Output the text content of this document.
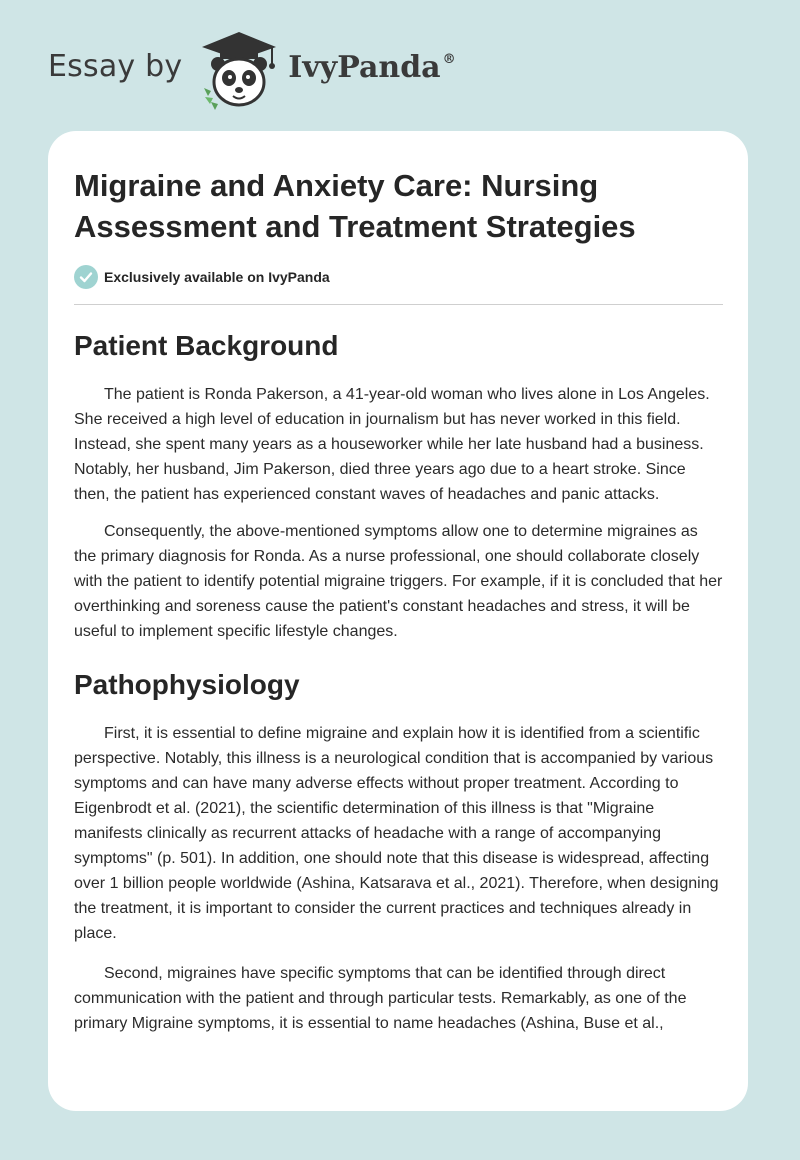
Essay by	IvyPanda ®
Migraine and Anxiety Care: Nursing Assessment and Treatment Strategies
Exclusively available on IvyPanda
Patient Background

The patient is Ronda Pakerson, a 41-year-old woman who lives alone in Los Angeles. She received a high level of education in journalism but has never worked in this field. Instead, she spent many years as a houseworker while her late husband had a business. Notably, her husband, Jim Pakerson, died three years ago due to a heart stroke. Since then, the patient has experienced constant waves of headaches and panic attacks.

Consequently, the above-mentioned symptoms allow one to determine migraines as the primary diagnosis for Ronda. As a nurse professional, one should collaborate closely with the patient to identify potential migraine triggers. For example, if it is concluded that her overthinking and soreness cause the patient's constant headaches and stress, it will be useful to implement specific lifestyle changes.

Pathophysiology

First, it is essential to define migraine and explain how it is identified from a scientific perspective. Notably, this illness is a neurological condition that is accompanied by various symptoms and can have many adverse effects without proper treatment. According to Eigenbrodt et al. (2021), the scientific determination of this illness is that "Migraine manifests clinically as recurrent attacks of headache with a range of accompanying symptoms" (p. 501). In addition, one should note that this disease is widespread, affecting over 1 billion people worldwide (Ashina, Katsarava et al., 2021). Therefore, when designing the treatment, it is important to consider the current practices and techniques already in place.

Second, migraines have specific symptoms that can be identified through direct communication with the patient and through particular tests. Remarkably, as one of the primary Migraine symptoms, it is essential to name headaches (Ashina, Buse et al.,
